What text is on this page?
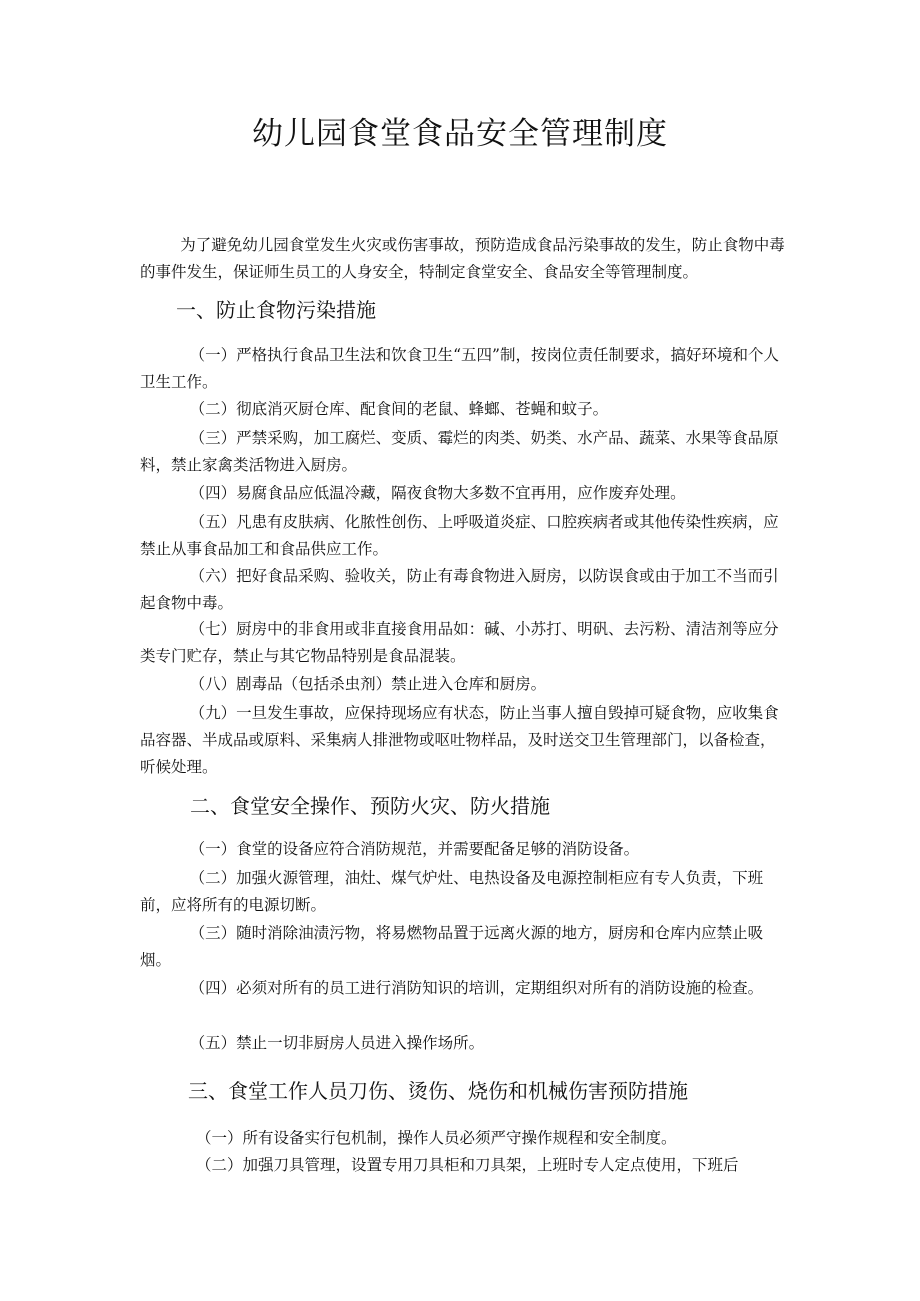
幼儿园食堂食品安全管理制度

为了避免幼儿园食堂发生火灾或伤害事故，预防造成食品污染事故的发生，防止食物中毒的事件发生，保证师生员工的人身安全，特制定食堂安全、食品安全等管理制度。

一、防止食物污染措施

（一）严格执行食品卫生法和饮食卫生“五四”制，按岗位责任制要求，搞好环境和个人卫生工作。

（二）彻底消灭厨仓库、配食间的老鼠、蜂螂、苍蝇和蚊子。

（三）严禁采购，加工腐烂、变质、霉烂的肉类、奶类、水产品、蔬菜、水果等食品原料，禁止家禽类活物进入厨房。

（四）易腐食品应低温冷藏，隔夜食物大多数不宜再用，应作废弃处理。

（五）凡患有皮肤病、化脓性创伤、上呼吸道炎症、口腔疾病者或其他传染性疾病，应禁止从事食品加工和食品供应工作。

（六）把好食品采购、验收关，防止有毒食物进入厨房，以防误食或由于加工不当而引起食物中毒。

（七）厨房中的非食用或非直接食用品如：碱、小苏打、明矾、去污粉、清洁剂等应分类专门贮存，禁止与其它物品特别是食品混装。

（八）剧毒品（包括杀虫剂）禁止进入仓库和厨房。

（九）一旦发生事故，应保持现场应有状态，防止当事人擅自毁掉可疑食物，应收集食品容器、半成品或原料、采集病人排泄物或呕吐物样品，及时送交卫生管理部门，以备检查，听候处理。

二、食堂安全操作、预防火灾、防火措施

（一）食堂的设备应符合消防规范，并需要配备足够的消防设备。

（二）加强火源管理，油灶、煤气炉灶、电热设备及电源控制柜应有专人负责，下班前，应将所有的电源切断。

（三）随时消除油渍污物，将易燃物品置于远离火源的地方，厨房和仓库内应禁止吸烟。

（四）必须对所有的员工进行消防知识的培训，定期组织对所有的消防设施的检查。

（五）禁止一切非厨房人员进入操作场所。

三、食堂工作人员刀伤、烫伤、烧伤和机械伤害预防措施

（一）所有设备实行包机制，操作人员必须严守操作规程和安全制度。

（二）加强刀具管理，设置专用刀具柜和刀具架，上班时专人定点使用，下班后
